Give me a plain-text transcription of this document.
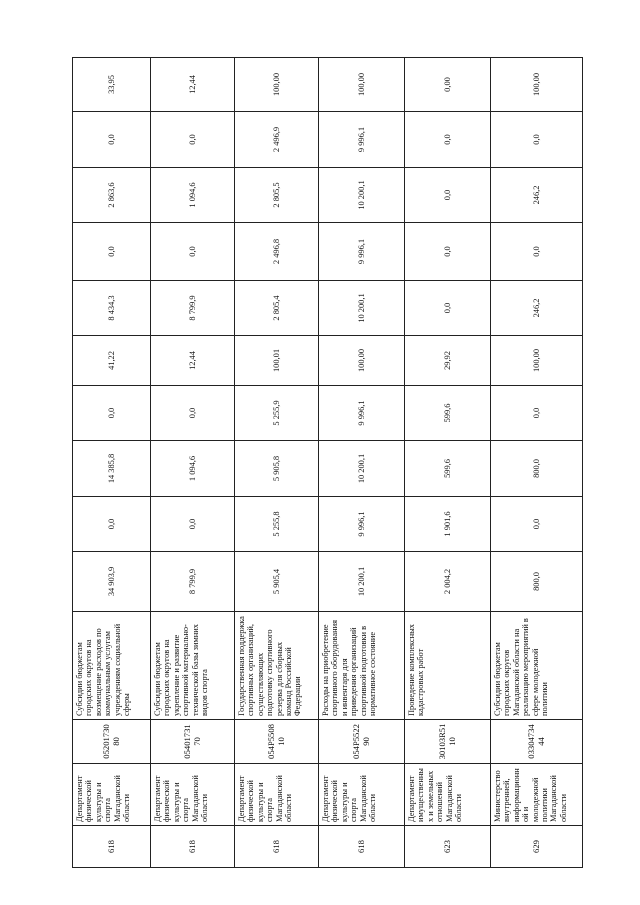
618	Департамент физической культуры и спорта Магаданской области	0520173080	Субсидии бюджетам городских округов на возмещение расходов по коммунальным услугам учреждениям социальной сферы	34 903,9	0,0	14 385,8	0,0	41,22	8 434,3	0,0	2 863,6	0,0	33,95
618	Департамент физической культуры и спорта Магаданской области	0540173170	Субсидии бюджетам городских округов на укрепление и развитие спортивной материально-технической базы зимних видов спорта	8 799,9	0,0	1 094,6	0,0	12,44	8 799,9	0,0	1 094,6	0,0	12,44
618	Департамент физической культуры и спорта Магаданской области	054P550810	Государственная поддержка спортивных организаций, осуществляющих подготовку спортивного резерва для сборных команд Российской Федерации	5 905,4	5 255,8	5 905,8	5 255,9	100,01	2 805,4	2 496,8	2 805,5	2 496,9	100,00
618	Департамент физической культуры и спорта Магаданской области	054P552290	Расходы на приобретение спортивного оборудования и инвентаря для приведения организаций спортивной подготовки в нормативное состояние	10 200,1	9 996,1	10 200,1	9 996,1	100,00	10 200,1	9 996,1	10 200,1	9 996,1	100,00
623	Департамент имущественных и земельных отношений Магаданской области	30103R5110	Проведение комплексных кадастровых работ	2 004,2	1 901,6	599,6	599,6	29,92	0,0	0,0	0,0	0,0	0,00
629	Министерство внутренней, информационной и молодежной политики Магаданской области	0330473444	Субсидии бюджетам городских округов Магаданской области на реализацию мероприятий в сфере молодежной политики	800,0	0,0	800,0	0,0	100,00	246,2	0,0	246,2	0,0	100,00
